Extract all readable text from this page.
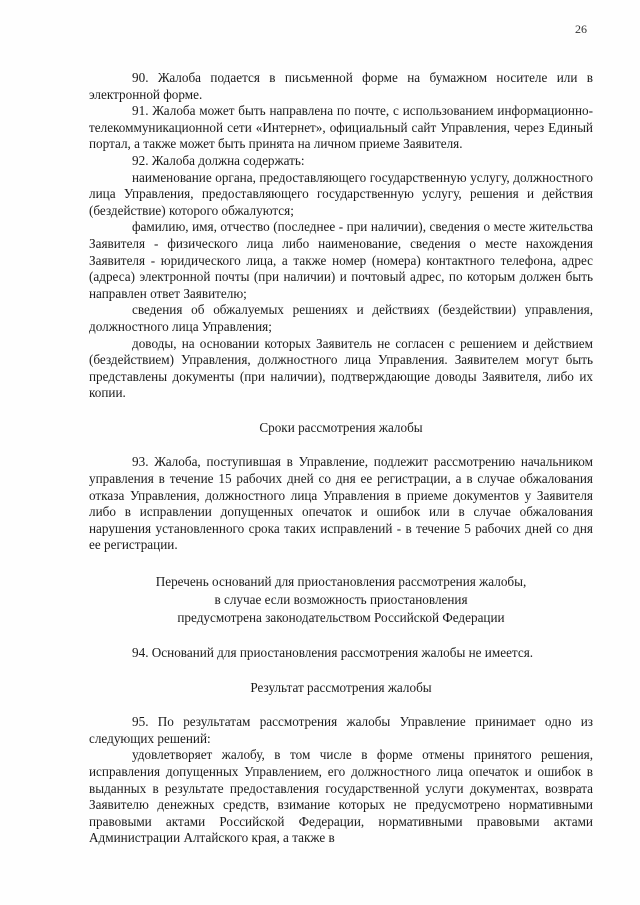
26

90. Жалоба подается в письменной форме на бумажном носителе или в электронной форме.

91. Жалоба может быть направлена по почте, с использованием информационно-телекоммуникационной сети «Интернет», официальный сайт Управления, через Единый портал, а также может быть принята на личном приеме Заявителя.

92. Жалоба должна содержать:

наименование органа, предоставляющего государственную услугу, должностного лица Управления, предоставляющего государственную услугу, решения и действия (бездействие) которого обжалуются;

фамилию, имя, отчество (последнее - при наличии), сведения о месте жительства Заявителя - физического лица либо наименование, сведения о месте нахождения Заявителя - юридического лица, а также номер (номера) контактного телефона, адрес (адреса) электронной почты (при наличии) и почтовый адрес, по которым должен быть направлен ответ Заявителю;

сведения об обжалуемых решениях и действиях (бездействии) управления, должностного лица Управления;

доводы, на основании которых Заявитель не согласен с решением и действием (бездействием) Управления, должностного лица Управления. Заявителем могут быть представлены документы (при наличии), подтверждающие доводы Заявителя, либо их копии.

Сроки рассмотрения жалобы

93. Жалоба, поступившая в Управление, подлежит рассмотрению начальником управления в течение 15 рабочих дней со дня ее регистрации, а в случае обжалования отказа Управления, должностного лица Управления в приеме документов у Заявителя либо в исправлении допущенных опечаток и ошибок или в случае обжалования нарушения установленного срока таких исправлений - в течение 5 рабочих дней со дня ее регистрации.

Перечень оснований для приостановления рассмотрения жалобы,
в случае если возможность приостановления
предусмотрена законодательством Российской Федерации

94. Оснований для приостановления рассмотрения жалобы не имеется.

Результат рассмотрения жалобы

95. По результатам рассмотрения жалобы Управление принимает одно из следующих решений:

удовлетворяет жалобу, в том числе в форме отмены принятого решения, исправления допущенных Управлением, его должностного лица опечаток и ошибок в выданных в результате предоставления государственной услуги документах, возврата Заявителю денежных средств, взимание которых не предусмотрено нормативными правовыми актами Российской Федерации, нормативными правовыми актами Администрации Алтайского края, а также в
